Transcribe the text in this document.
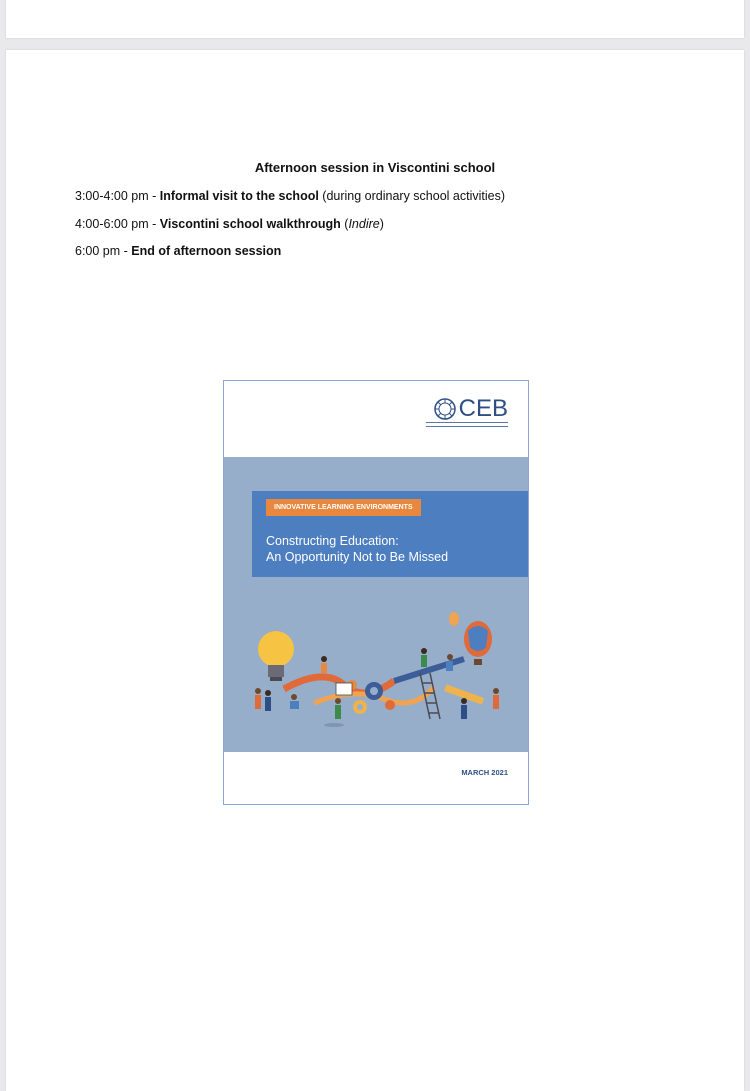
Afternoon session in Viscontini school
3:00-4:00 pm - Informal visit to the school (during ordinary school activities)
4:00-6:00 pm - Viscontini school walkthrough (Indire)
6:00 pm - End of afternoon session
CEB
INNOVATIVE LEARNING ENVIRONMENTS
Constructing Education:
An Opportunity Not to Be Missed
MARCH 2021
